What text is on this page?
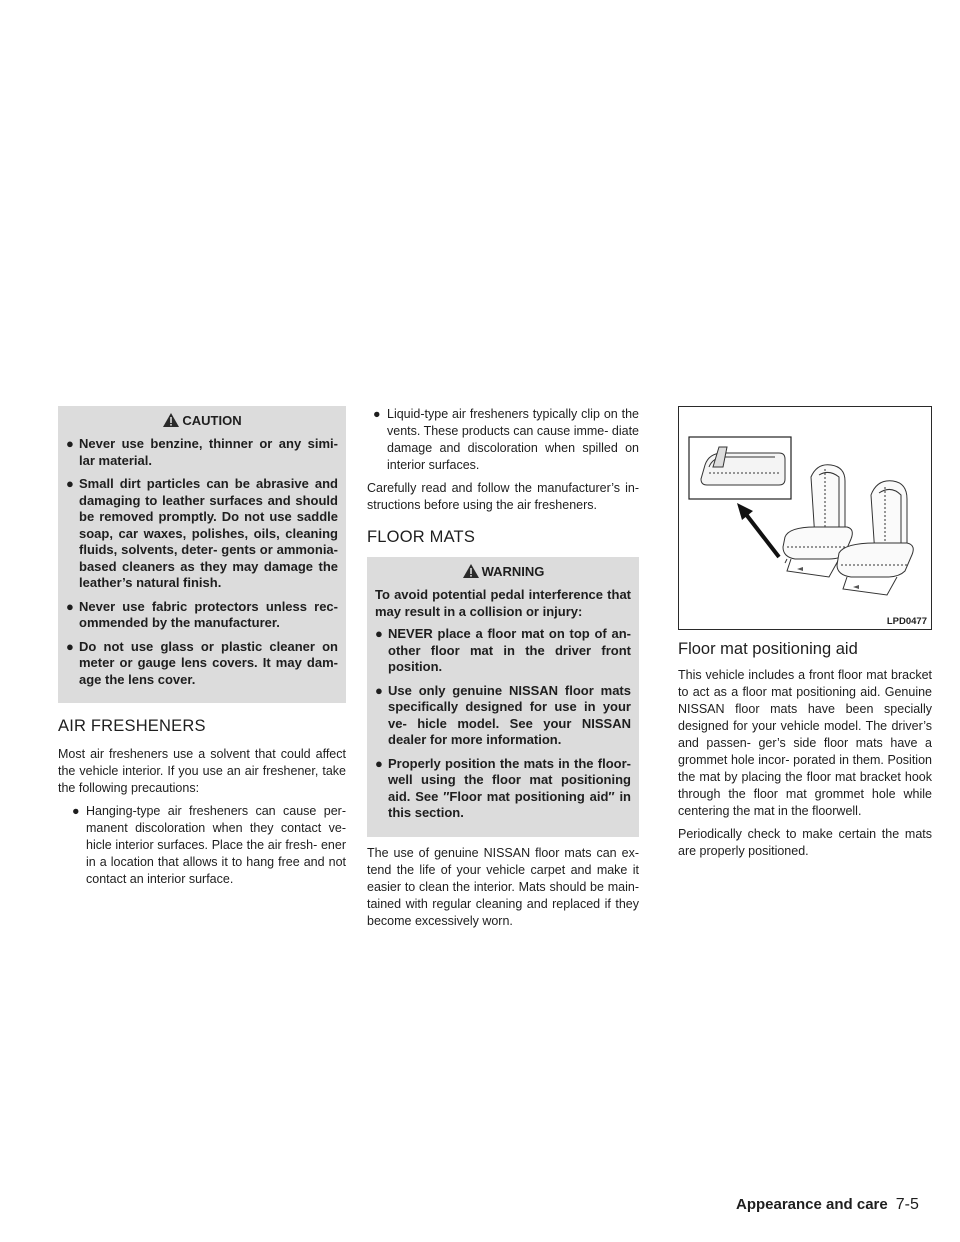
CAUTION
● Never use benzine, thinner or any simi- lar material.
● Small dirt particles can be abrasive and damaging to leather surfaces and should be removed promptly. Do not use saddle soap, car waxes, polishes, oils, cleaning fluids, solvents, deter- gents or ammonia-based cleaners as they may damage the leather’s natural finish.
● Never use fabric protectors unless rec- ommended by the manufacturer.
● Do not use glass or plastic cleaner on meter or gauge lens covers. It may dam- age the lens cover.
AIR FRESHENERS

Most air fresheners use a solvent that could affect the vehicle interior. If you use an air freshener, take the following precautions:

● Hanging-type air fresheners can cause per- manent discoloration when they contact ve- hicle interior surfaces. Place the air fresh- ener in a location that allows it to hang free and not contact an interior surface.
● Liquid-type air fresheners typically clip on the vents. These products can cause imme- diate damage and discoloration when spilled on interior surfaces.

Carefully read and follow the manufacturer’s in- structions before using the air fresheners.

FLOOR MATS
WARNING

To avoid potential pedal interference that may result in a collision or injury:

● NEVER place a floor mat on top of an- other floor mat in the driver front position.
● Use only genuine NISSAN floor mats specifically designed for use in your ve- hicle model. See your NISSAN dealer for more information.
● Properly position the mats in the floor- well using the floor mat positioning aid. See ″Floor mat positioning aid″ in this section.

The use of genuine NISSAN floor mats can ex- tend the life of your vehicle carpet and make it easier to clean the interior. Mats should be main- tained with regular cleaning and replaced if they become excessively worn.

LPD0477
Floor mat positioning aid

This vehicle includes a front floor mat bracket to act as a floor mat positioning aid. Genuine NISSAN floor mats have been specially designed for your vehicle model. The driver’s and passen- ger’s side floor mats have a grommet hole incor- porated in them. Position the mat by placing the floor mat bracket hook through the floor mat grommet hole while centering the mat in the floorwell.

Periodically check to make certain the mats are properly positioned.

Appearance and care 7-5
